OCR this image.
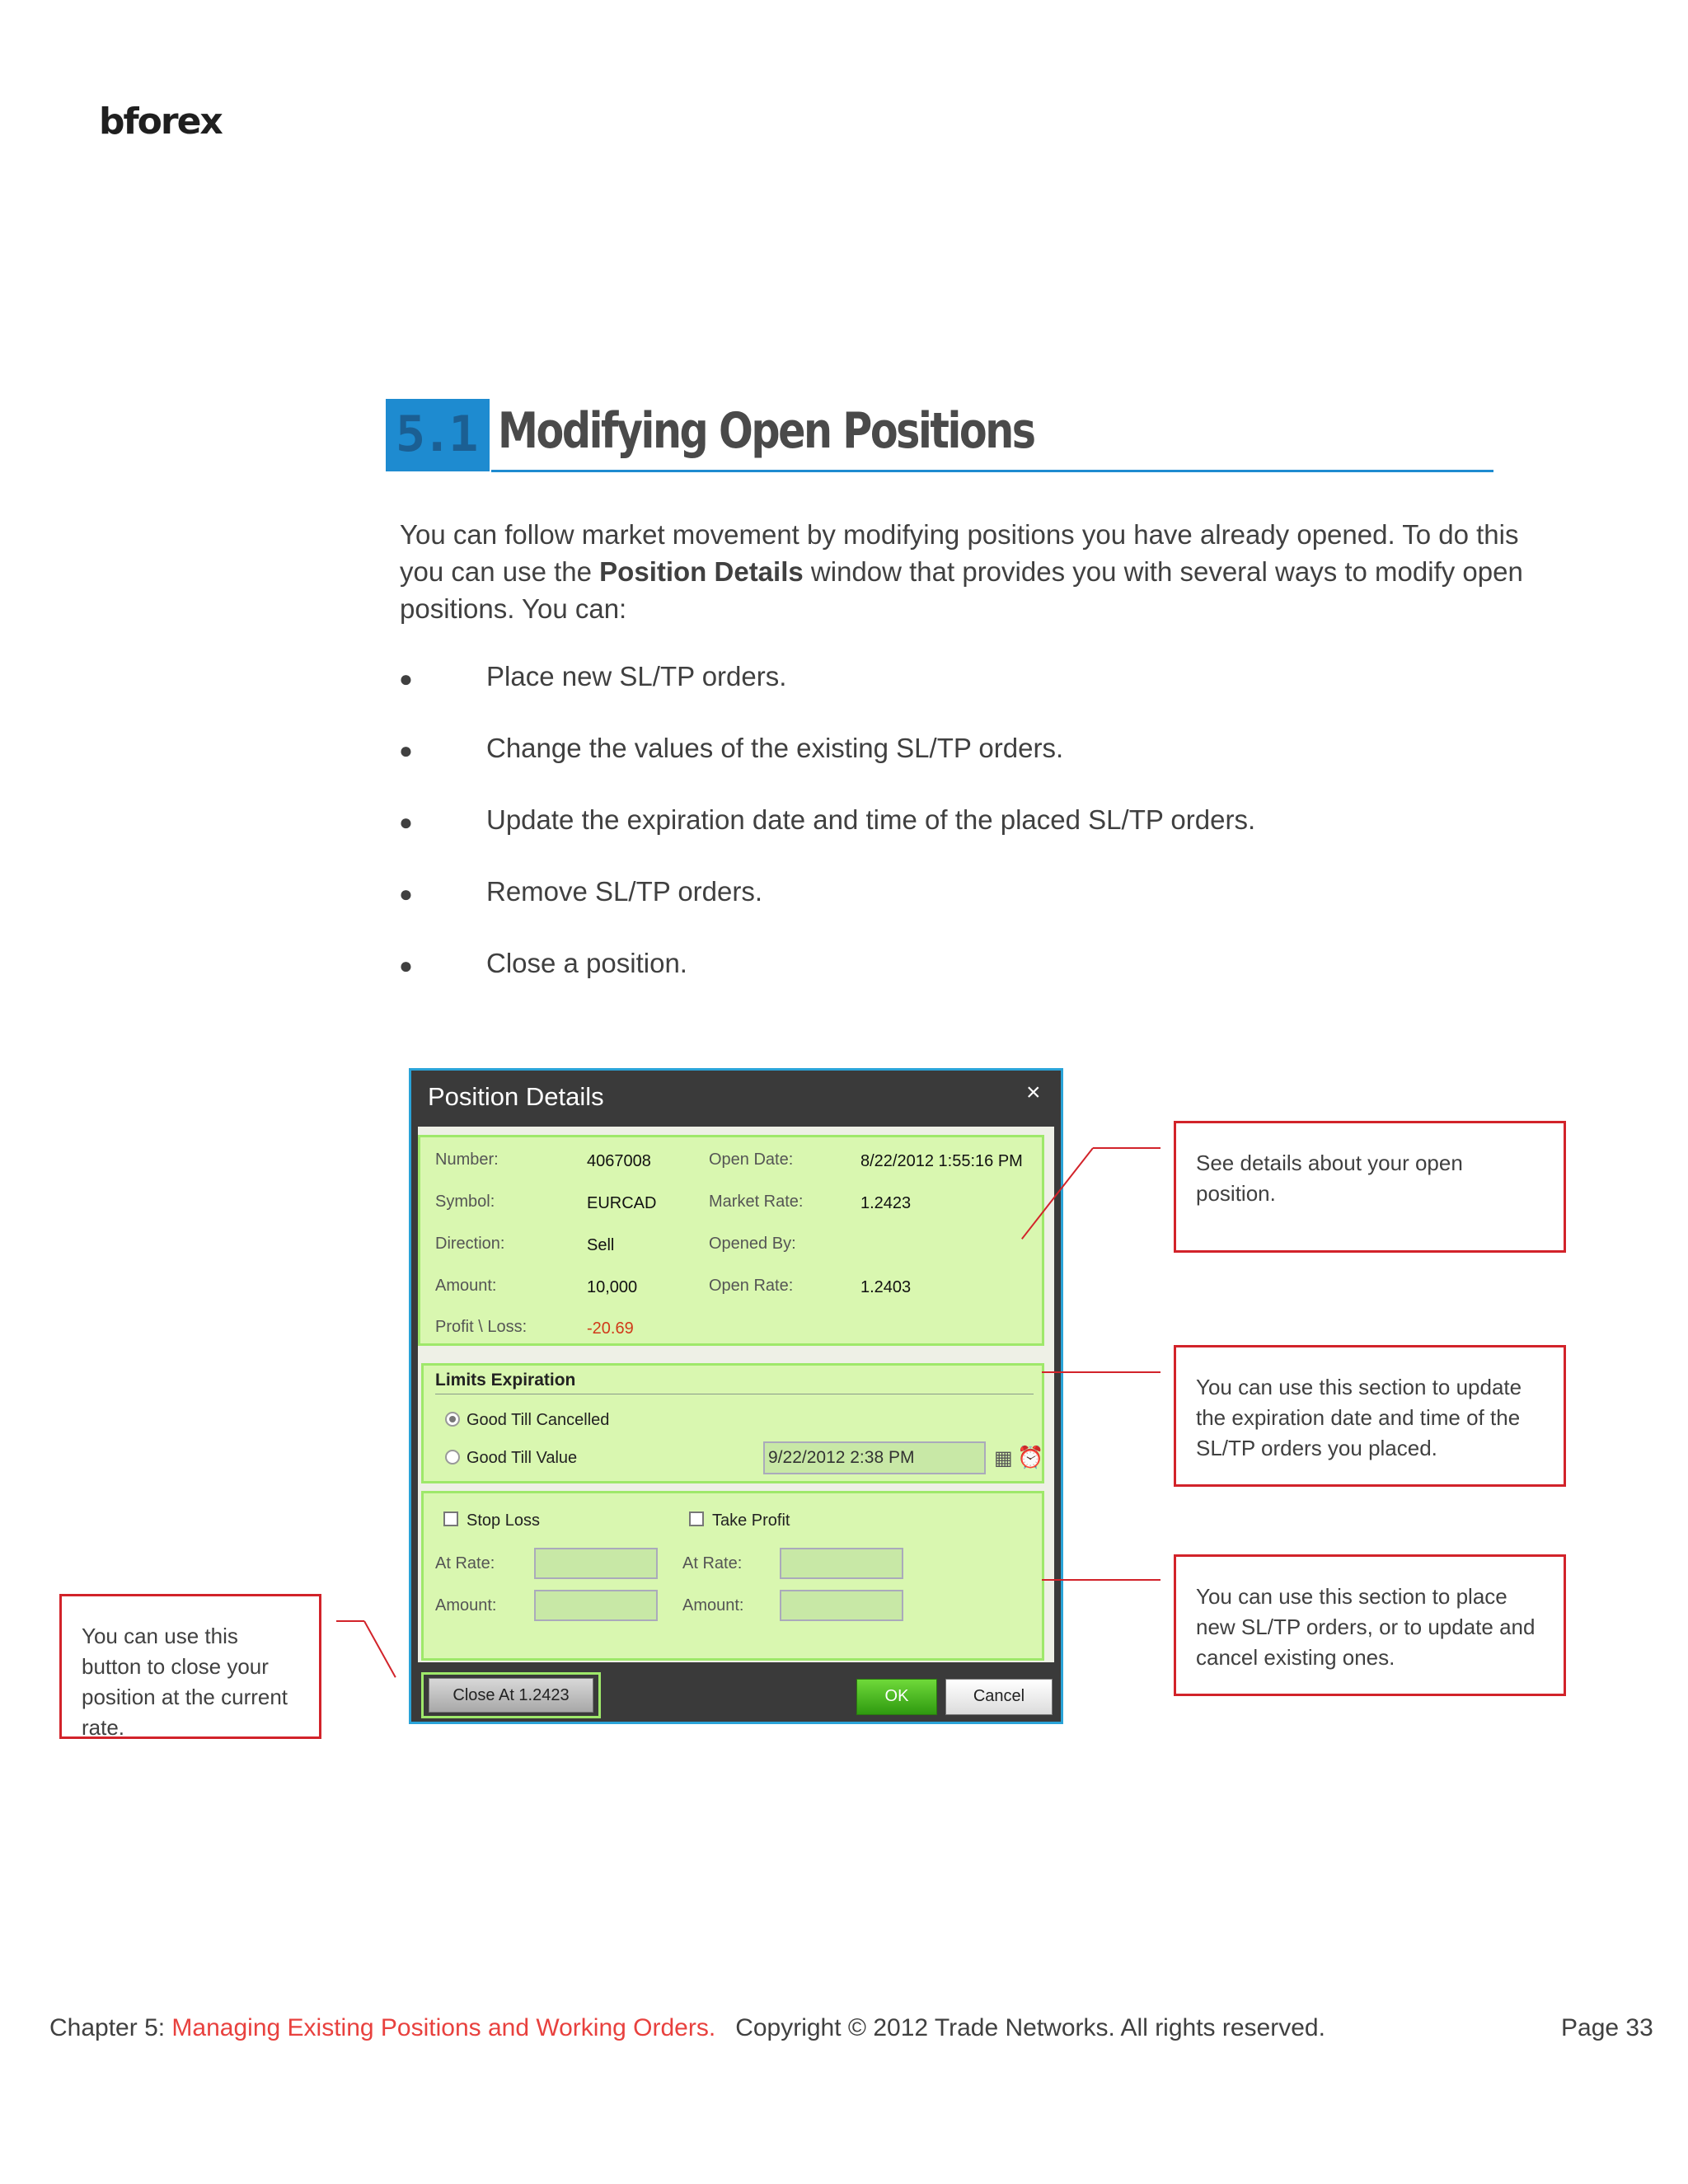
bforex
5.1 Modifying Open Positions
You can follow market movement by modifying positions you have already opened. To do this you can use the Position Details window that provides you with several ways to modify open positions. You can:
●	Place new SL/TP orders.
●	Change the values of the existing SL/TP orders.
●	Update the expiration date and time of the placed SL/TP orders.
●	Remove SL/TP orders.
●	Close a position.
Position Details	×
Number:	4067008	Open Date:	8/22/2012 1:55:16 PM
Symbol:	EURCAD	Market Rate:	1.2423
Direction:	Sell	Opened By:
Amount:	10,000	Open Rate:	1.2403
Profit \ Loss:	-20.69
Limits Expiration
Good Till Cancelled
Good Till Value	9/22/2012 2:38 PM	▦ ⏰
Stop Loss	Take Profit
At Rate:	At Rate:
Amount:	Amount:
Close At 1.2423	OK	Cancel
See details about your open position.
You can use this section to update the expiration date and time of the SL/TP orders you placed.
You can use this section to place new SL/TP orders, or to update and cancel existing ones.
You can use this button to close your position at the current rate.
Chapter 5: Managing Existing Positions and Working Orders. Copyright © 2012 Trade Networks. All rights reserved.	Page 33
